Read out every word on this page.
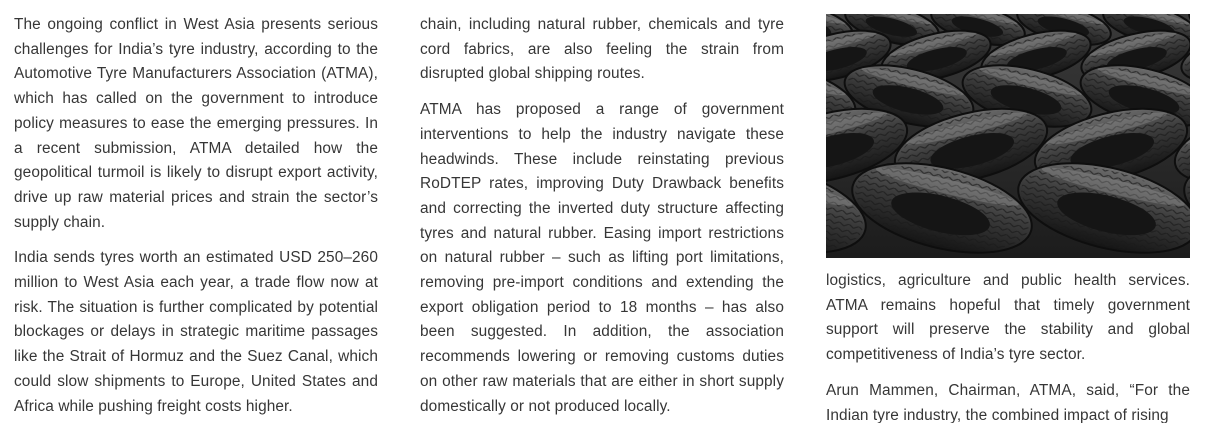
The ongoing conflict in West Asia presents serious challenges for India’s tyre industry, according to the Automotive Tyre Manufacturers Association (ATMA), which has called on the government to introduce policy measures to ease the emerging pressures. In a recent submission, ATMA detailed how the geopolitical turmoil is likely to disrupt export activity, drive up raw material prices and strain the sector’s supply chain.

India sends tyres worth an estimated USD 250–260 million to West Asia each year, a trade flow now at risk. The situation is further complicated by potential blockages or delays in strategic maritime passages like the Strait of Hormuz and the Suez Canal, which could slow shipments to Europe, United States and Africa while pushing freight costs higher.

chain, including natural rubber, chemicals and tyre cord fabrics, are also feeling the strain from disrupted global shipping routes.

ATMA has proposed a range of government interventions to help the industry navigate these headwinds. These include reinstating previous RoDTEP rates, improving Duty Drawback benefits and correcting the inverted duty structure affecting tyres and natural rubber. Easing import restrictions on natural rubber – such as lifting port limitations, removing pre-import conditions and extending the export obligation period to 18 months – has also been suggested. In addition, the association recommends lowering or removing customs duties on other raw materials that are either in short supply domestically or not produced locally.

logistics, agriculture and public health services. ATMA remains hopeful that timely government support will preserve the stability and global competitiveness of India’s tyre sector.

Arun Mammen, Chairman, ATMA, said, “For the Indian tyre industry, the combined impact of rising
